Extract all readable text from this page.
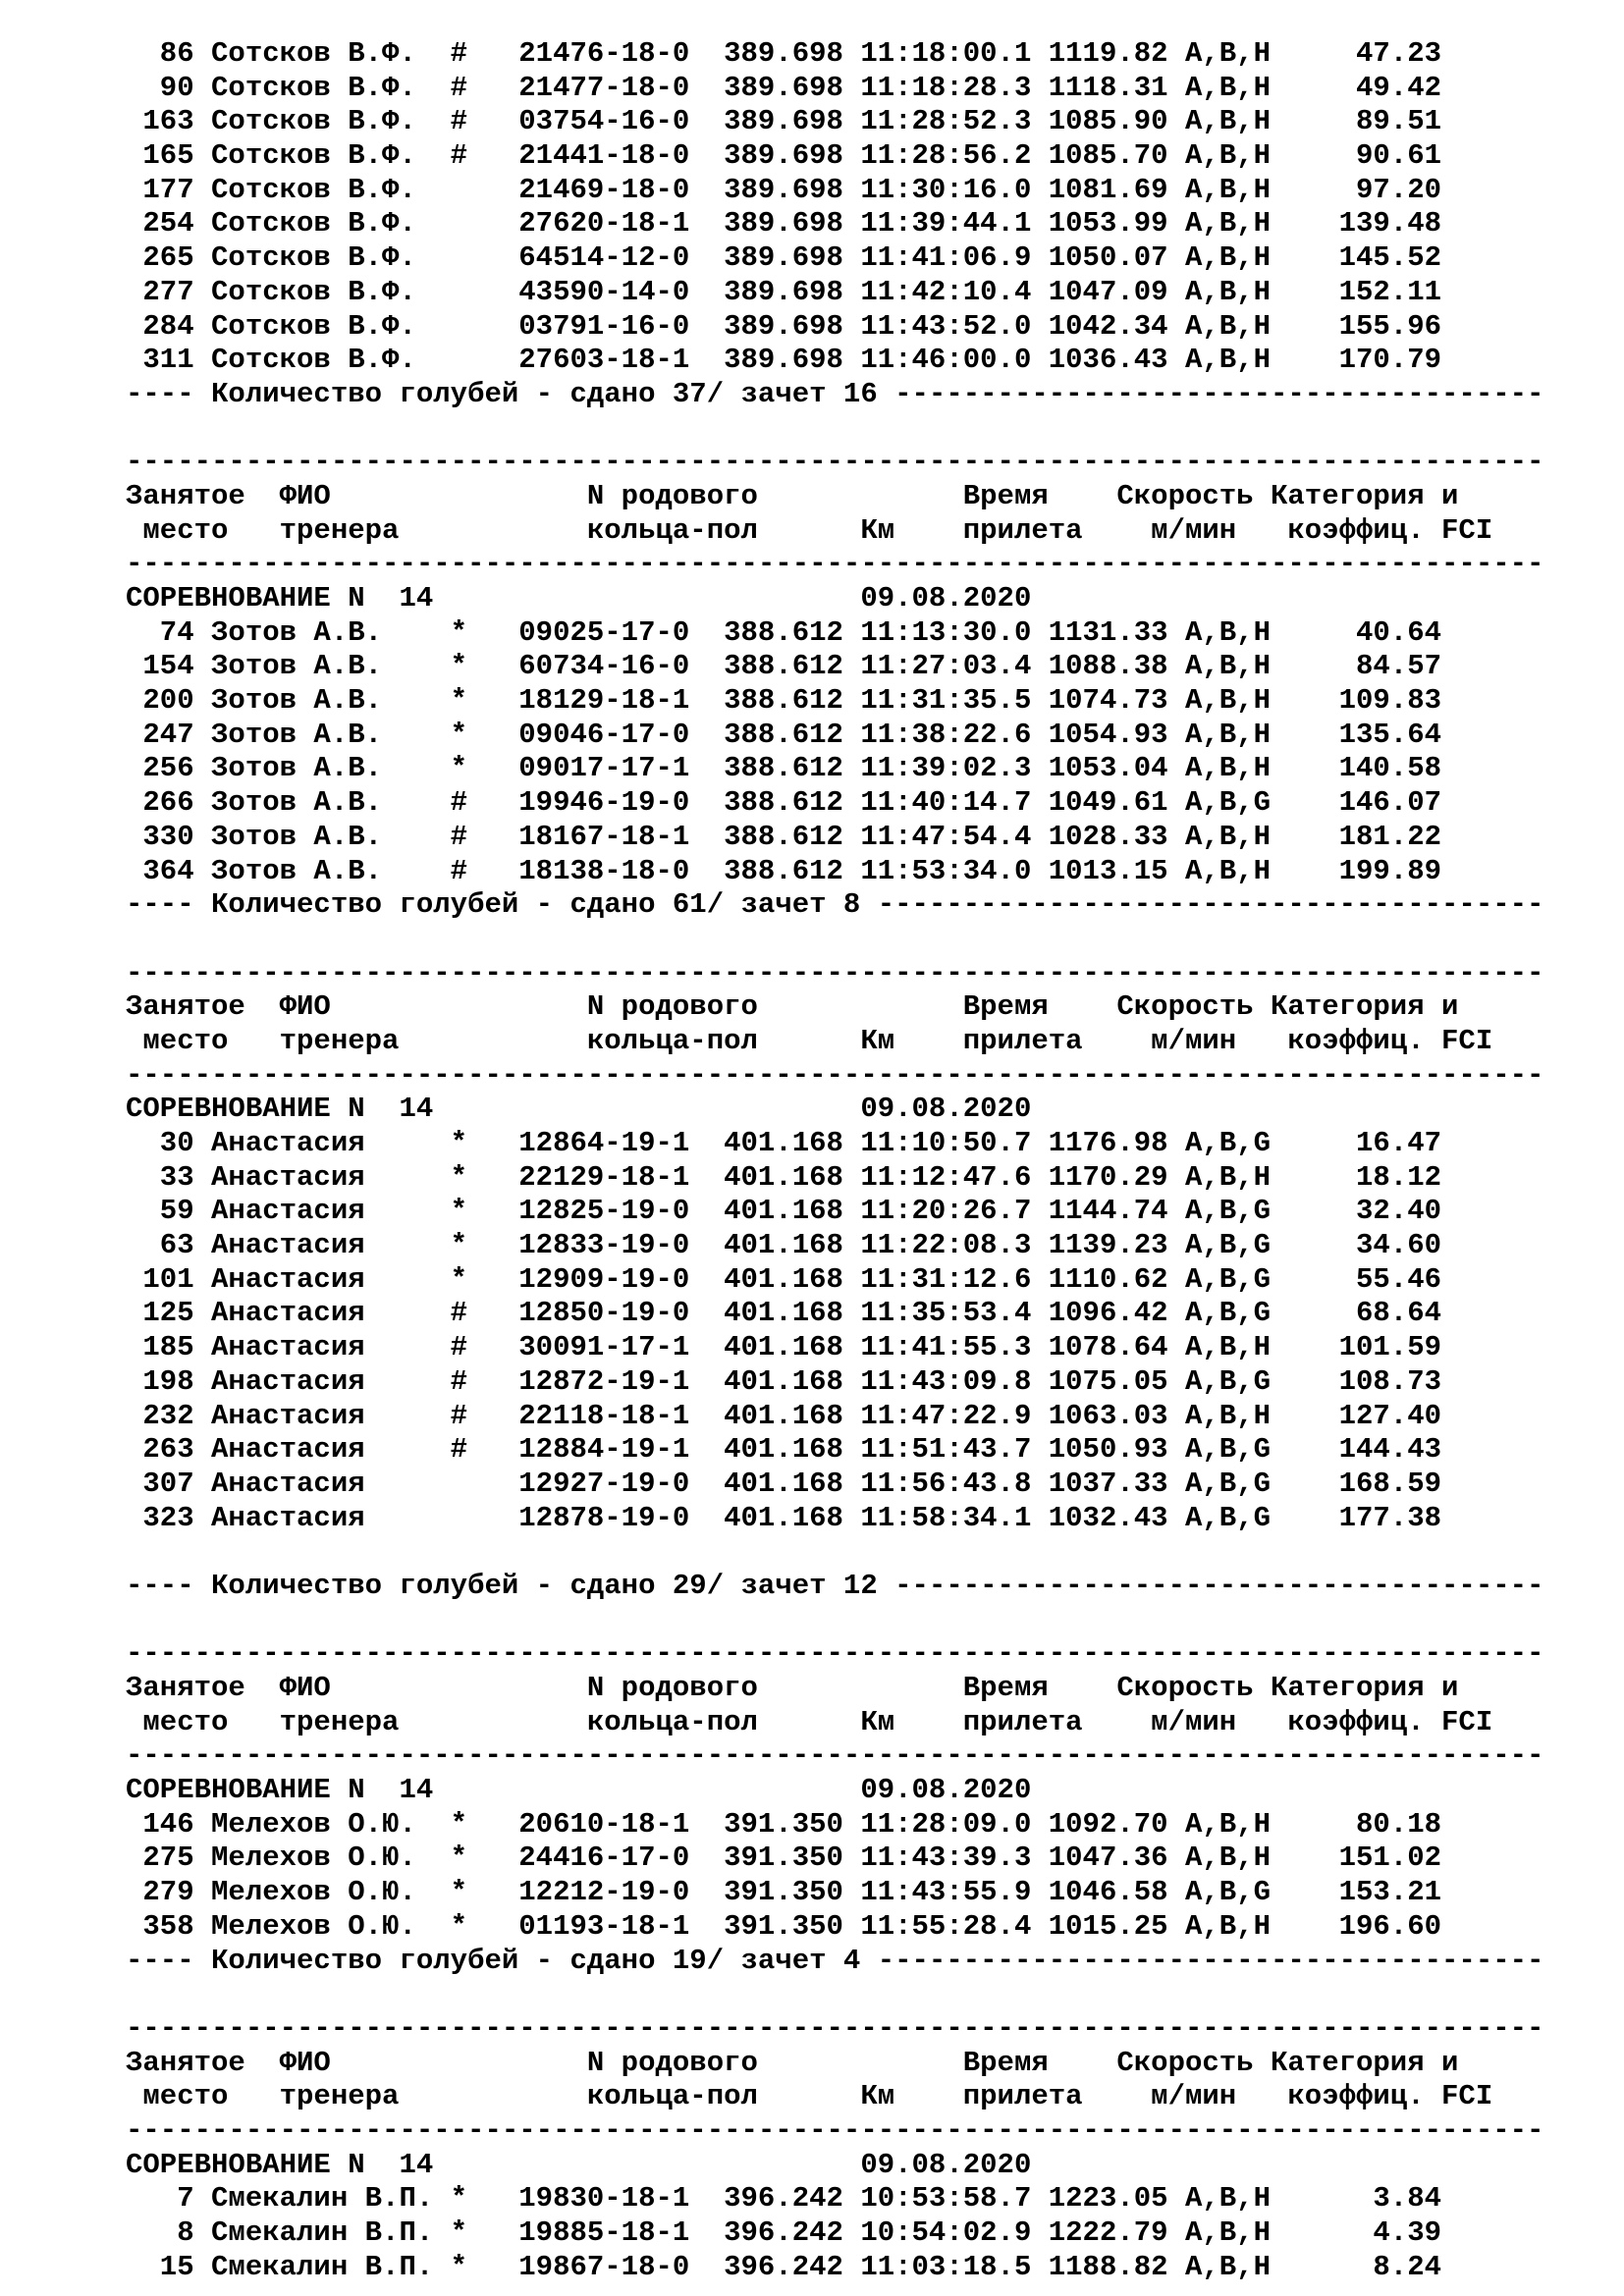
86 Сотсков В.Ф.  #   21476-18-0  389.698 11:18:00.1 1119.82 A,B,H     47.23
90 Сотсков В.Ф.  #   21477-18-0  389.698 11:18:28.3 1118.31 A,B,H     49.42
163 Сотсков В.Ф.  #   03754-16-0  389.698 11:28:52.3 1085.90 A,B,H     89.51
165 Сотсков В.Ф.  #   21441-18-0  389.698 11:28:56.2 1085.70 A,B,H     90.61
177 Сотсков В.Ф.      21469-18-0  389.698 11:30:16.0 1081.69 A,B,H     97.20
254 Сотсков В.Ф.      27620-18-1  389.698 11:39:44.1 1053.99 A,B,H    139.48
265 Сотсков В.Ф.      64514-12-0  389.698 11:41:06.9 1050.07 A,B,H    145.52
277 Сотсков В.Ф.      43590-14-0  389.698 11:42:10.4 1047.09 A,B,H    152.11
284 Сотсков В.Ф.      03791-16-0  389.698 11:43:52.0 1042.34 A,B,H    155.96
311 Сотсков В.Ф.      27603-18-1  389.698 11:46:00.0 1036.43 A,B,H    170.79
---- Количество голубей - сдано 37/ зачет 16 --------------------------------------
-----------------------------------------------------------------------------------
Занятое  ФИО               N родового            Время    Скорость Категория и
место   тренера           кольца-пол      Км    прилета    м/мин   коэффиц. FCI
-----------------------------------------------------------------------------------
СОРЕВНОВАНИЕ N  14                         09.08.2020
74 Зотов А.В.    *   09025-17-0  388.612 11:13:30.0 1131.33 A,B,H     40.64
154 Зотов А.В.    *   60734-16-0  388.612 11:27:03.4 1088.38 A,B,H     84.57
200 Зотов А.В.    *   18129-18-1  388.612 11:31:35.5 1074.73 A,B,H    109.83
247 Зотов А.В.    *   09046-17-0  388.612 11:38:22.6 1054.93 A,B,H    135.64
256 Зотов А.В.    *   09017-17-1  388.612 11:39:02.3 1053.04 A,B,H    140.58
266 Зотов А.В.    #   19946-19-0  388.612 11:40:14.7 1049.61 A,B,G    146.07
330 Зотов А.В.    #   18167-18-1  388.612 11:47:54.4 1028.33 A,B,H    181.22
364 Зотов А.В.    #   18138-18-0  388.612 11:53:34.0 1013.15 A,B,H    199.89
---- Количество голубей - сдано 61/ зачет 8 ---------------------------------------
-----------------------------------------------------------------------------------
Занятое  ФИО               N родового            Время    Скорость Категория и
место   тренера           кольца-пол      Км    прилета    м/мин   коэффиц. FCI
-----------------------------------------------------------------------------------
СОРЕВНОВАНИЕ N  14                         09.08.2020
30 Анастасия     *   12864-19-1  401.168 11:10:50.7 1176.98 A,B,G     16.47
33 Анастасия     *   22129-18-1  401.168 11:12:47.6 1170.29 A,B,H     18.12
59 Анастасия     *   12825-19-0  401.168 11:20:26.7 1144.74 A,B,G     32.40
63 Анастасия     *   12833-19-0  401.168 11:22:08.3 1139.23 A,B,G     34.60
101 Анастасия     *   12909-19-0  401.168 11:31:12.6 1110.62 A,B,G     55.46
125 Анастасия     #   12850-19-0  401.168 11:35:53.4 1096.42 A,B,G     68.64
185 Анастасия     #   30091-17-1  401.168 11:41:55.3 1078.64 A,B,H    101.59
198 Анастасия     #   12872-19-1  401.168 11:43:09.8 1075.05 A,B,G    108.73
232 Анастасия     #   22118-18-1  401.168 11:47:22.9 1063.03 A,B,H    127.40
263 Анастасия     #   12884-19-1  401.168 11:51:43.7 1050.93 A,B,G    144.43
307 Анастасия         12927-19-0  401.168 11:56:43.8 1037.33 A,B,G    168.59
323 Анастасия         12878-19-0  401.168 11:58:34.1 1032.43 A,B,G    177.38
---- Количество голубей - сдано 29/ зачет 12 --------------------------------------
-----------------------------------------------------------------------------------
Занятое  ФИО               N родового            Время    Скорость Категория и
место   тренера           кольца-пол      Км    прилета    м/мин   коэффиц. FCI
-----------------------------------------------------------------------------------
СОРЕВНОВАНИЕ N  14                         09.08.2020
146 Мелехов О.Ю.  *   20610-18-1  391.350 11:28:09.0 1092.70 A,B,H     80.18
275 Мелехов О.Ю.  *   24416-17-0  391.350 11:43:39.3 1047.36 A,B,H    151.02
279 Мелехов О.Ю.  *   12212-19-0  391.350 11:43:55.9 1046.58 A,B,G    153.21
358 Мелехов О.Ю.  *   01193-18-1  391.350 11:55:28.4 1015.25 A,B,H    196.60
---- Количество голубей - сдано 19/ зачет 4 ---------------------------------------
-----------------------------------------------------------------------------------
Занятое  ФИО               N родового            Время    Скорость Категория и
место   тренера           кольца-пол      Км    прилета    м/мин   коэффиц. FCI
-----------------------------------------------------------------------------------
СОРЕВНОВАНИЕ N  14                         09.08.2020
7 Смекалин В.П. *   19830-18-1  396.242 10:53:58.7 1223.05 A,B,H      3.84
8 Смекалин В.П. *   19885-18-1  396.242 10:54:02.9 1222.79 A,B,H      4.39
15 Смекалин В.П. *   19867-18-0  396.242 11:03:18.5 1188.82 A,B,H      8.24
